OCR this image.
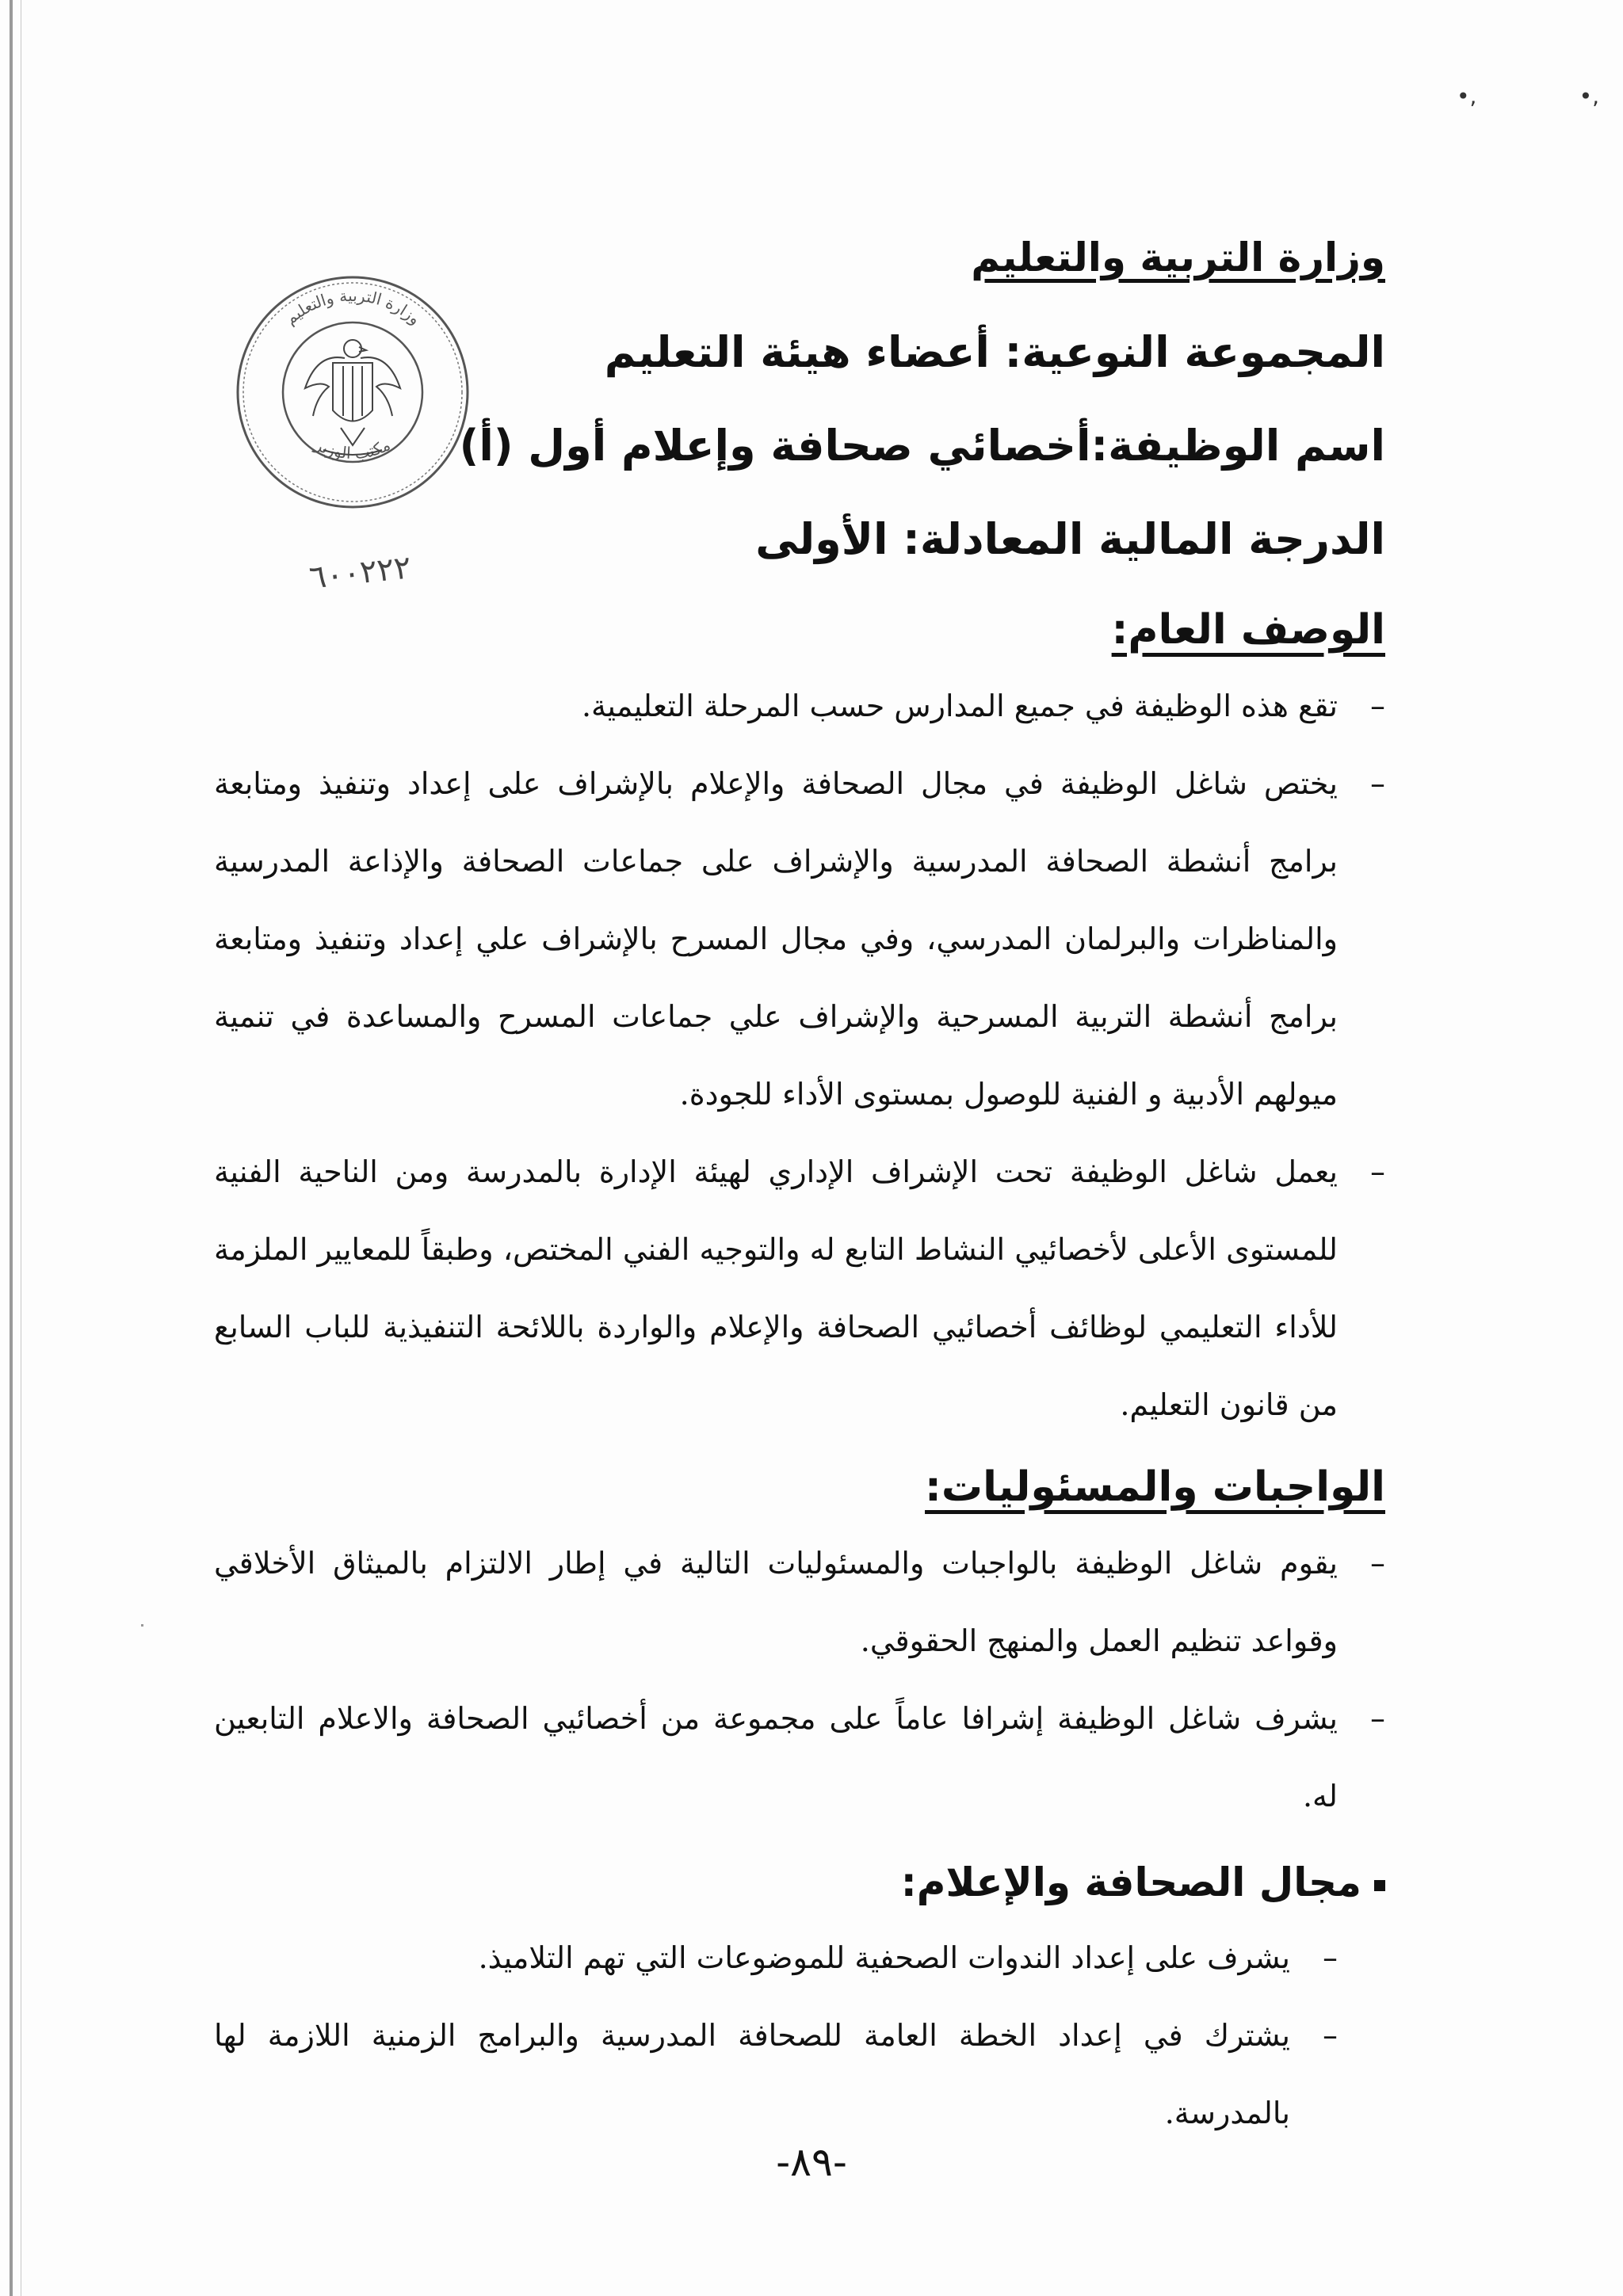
•,	•,
وزارة التربية والتعليم
مكتب الوزير
٦٠٠٢٢٢
وزارة التربية والتعليم
المجموعة النوعية: أعضاء هيئة التعليم
اسم الوظيفة:أخصائي صحافة وإعلام أول (أ)
الدرجة المالية المعادلة: الأولى
الوصف العام:
–
تقع هذه الوظيفة في جميع المدارس حسب المرحلة التعليمية.
–
يختص شاغل الوظيفة في مجال الصحافة والإعلام بالإشراف على إعداد وتنفيذ ومتابعة برامج أنشطة الصحافة المدرسية والإشراف على جماعات الصحافة والإذاعة المدرسية والمناظرات والبرلمان المدرسي، وفي مجال المسرح بالإشراف علي إعداد وتنفيذ ومتابعة برامج أنشطة التربية المسرحية والإشراف علي جماعات المسرح والمساعدة في تنمية ميولهم الأدبية و الفنية للوصول بمستوى الأداء للجودة.
–
يعمل شاغل الوظيفة تحت الإشراف الإداري لهيئة الإدارة بالمدرسة ومن الناحية الفنية للمستوى الأعلى لأخصائيي النشاط التابع له والتوجيه الفني المختص، وطبقاً للمعايير الملزمة للأداء التعليمي لوظائف أخصائيي الصحافة والإعلام والواردة باللائحة التنفيذية للباب السابع من قانون التعليم.
الواجبات والمسئوليات:
–
يقوم شاغل الوظيفة بالواجبات والمسئوليات التالية في إطار الالتزام بالميثاق الأخلاقي وقواعد تنظيم العمل والمنهج الحقوقي.
–
يشرف شاغل الوظيفة إشرافا عاماً على مجموعة من أخصائيي الصحافة والاعلام التابعين له.
مجال الصحافة والإعلام:
–
يشرف على إعداد الندوات الصحفية للموضوعات التي تهم التلاميذ.
–
يشترك في إعداد الخطة العامة للصحافة المدرسية والبرامج الزمنية اللازمة لها بالمدرسة.
-٨٩-
